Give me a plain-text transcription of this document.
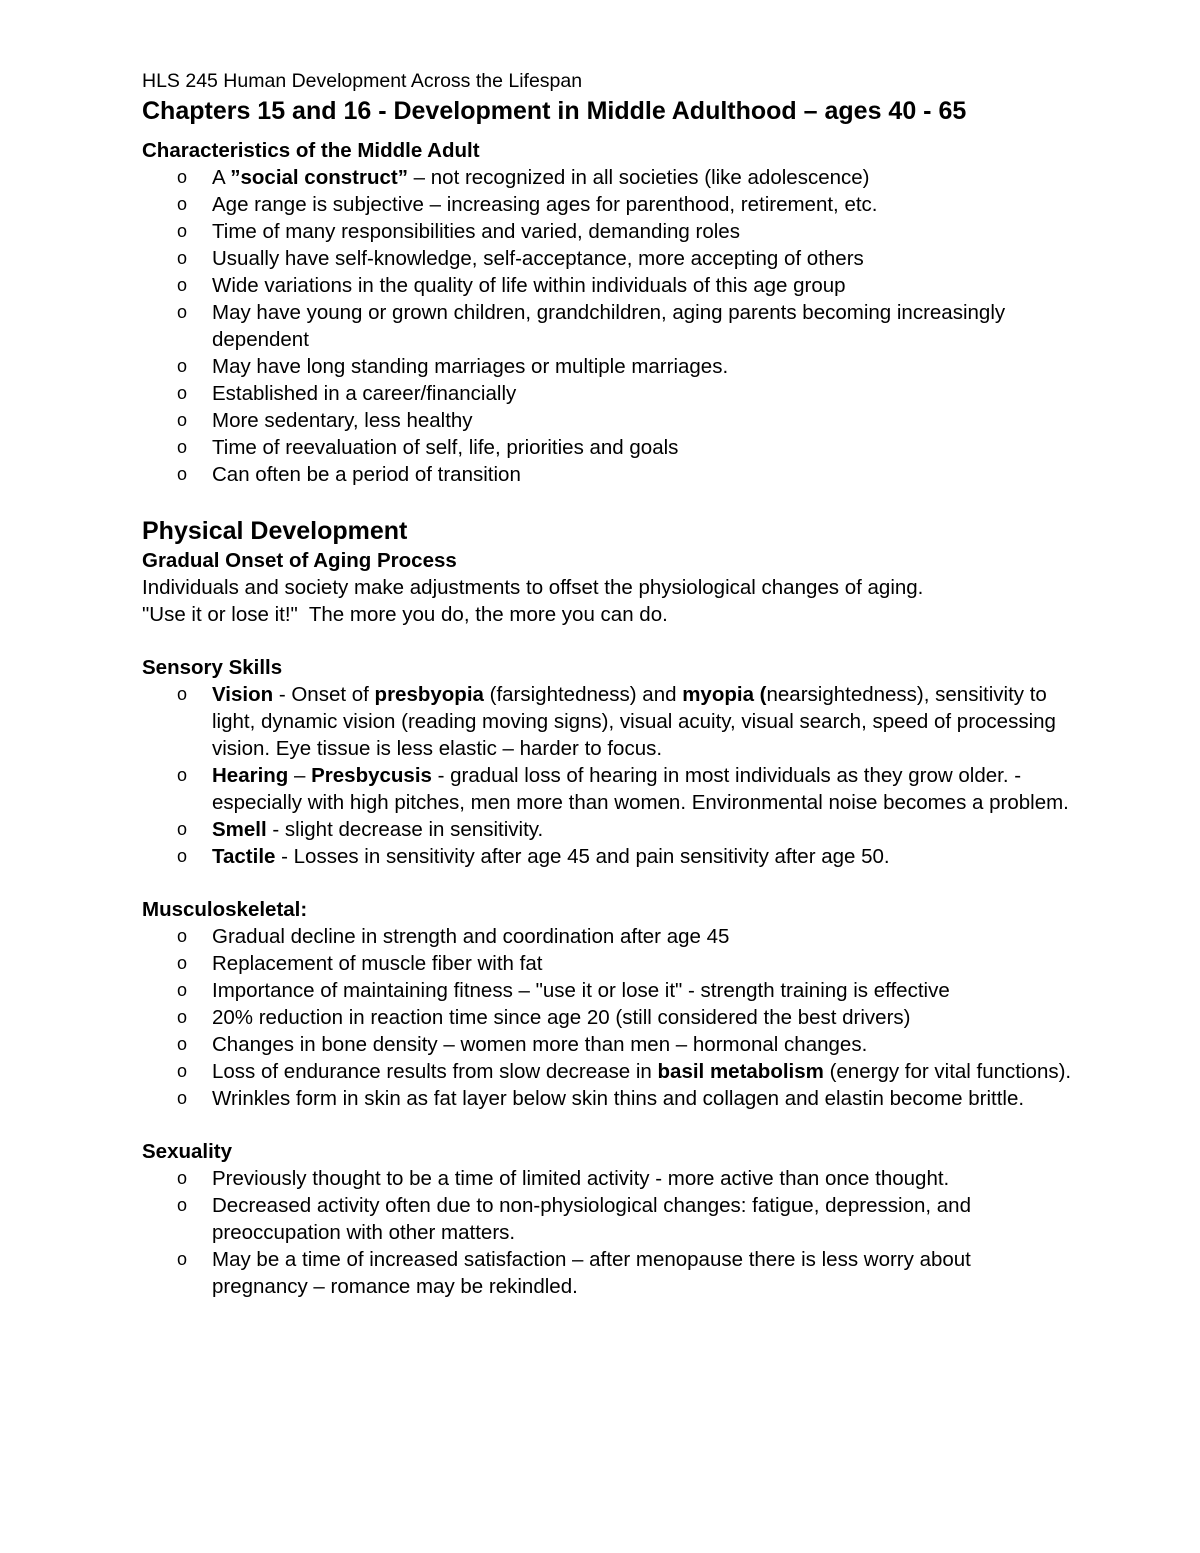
HLS 245 Human Development Across the Lifespan

Chapters 15 and 16 - Development in Middle Adulthood – ages 40 - 65

Characteristics of the Middle Adult

o A ”social construct” – not recognized in all societies (like adolescence)
o Age range is subjective – increasing ages for parenthood, retirement, etc.
o Time of many responsibilities and varied, demanding roles
o Usually have self-knowledge, self-acceptance, more accepting of others
o Wide variations in the quality of life within individuals of this age group
o May have young or grown children, grandchildren, aging parents becoming increasingly dependent
o May have long standing marriages or multiple marriages.
o Established in a career/financially
o More sedentary, less healthy
o Time of reevaluation of self, life, priorities and goals
o Can often be a period of transition
Physical Development

Gradual Onset of Aging Process

Individuals and society make adjustments to offset the physiological changes of aging.

"Use it or lose it!"  The more you do, the more you can do.

Sensory Skills

o Vision - Onset of presbyopia (farsightedness) and myopia (nearsightedness), sensitivity to light, dynamic vision (reading moving signs), visual acuity, visual search, speed of processing vision. Eye tissue is less elastic – harder to focus.
o Hearing – Presbycusis - gradual loss of hearing in most individuals as they grow older. - especially with high pitches, men more than women. Environmental noise becomes a problem.
o Smell - slight decrease in sensitivity.
o Tactile - Losses in sensitivity after age 45 and pain sensitivity after age 50.

Musculoskeletal:

o Gradual decline in strength and coordination after age 45
o Replacement of muscle fiber with fat
o Importance of maintaining fitness – "use it or lose it" - strength training is effective
o 20% reduction in reaction time since age 20 (still considered the best drivers)
o Changes in bone density – women more than men – hormonal changes.
o Loss of endurance results from slow decrease in basil metabolism (energy for vital functions).
o Wrinkles form in skin as fat layer below skin thins and collagen and elastin become brittle.

Sexuality

o Previously thought to be a time of limited activity - more active than once thought.
o Decreased activity often due to non-physiological changes: fatigue, depression, and preoccupation with other matters.
o May be a time of increased satisfaction – after menopause there is less worry about pregnancy – romance may be rekindled.
